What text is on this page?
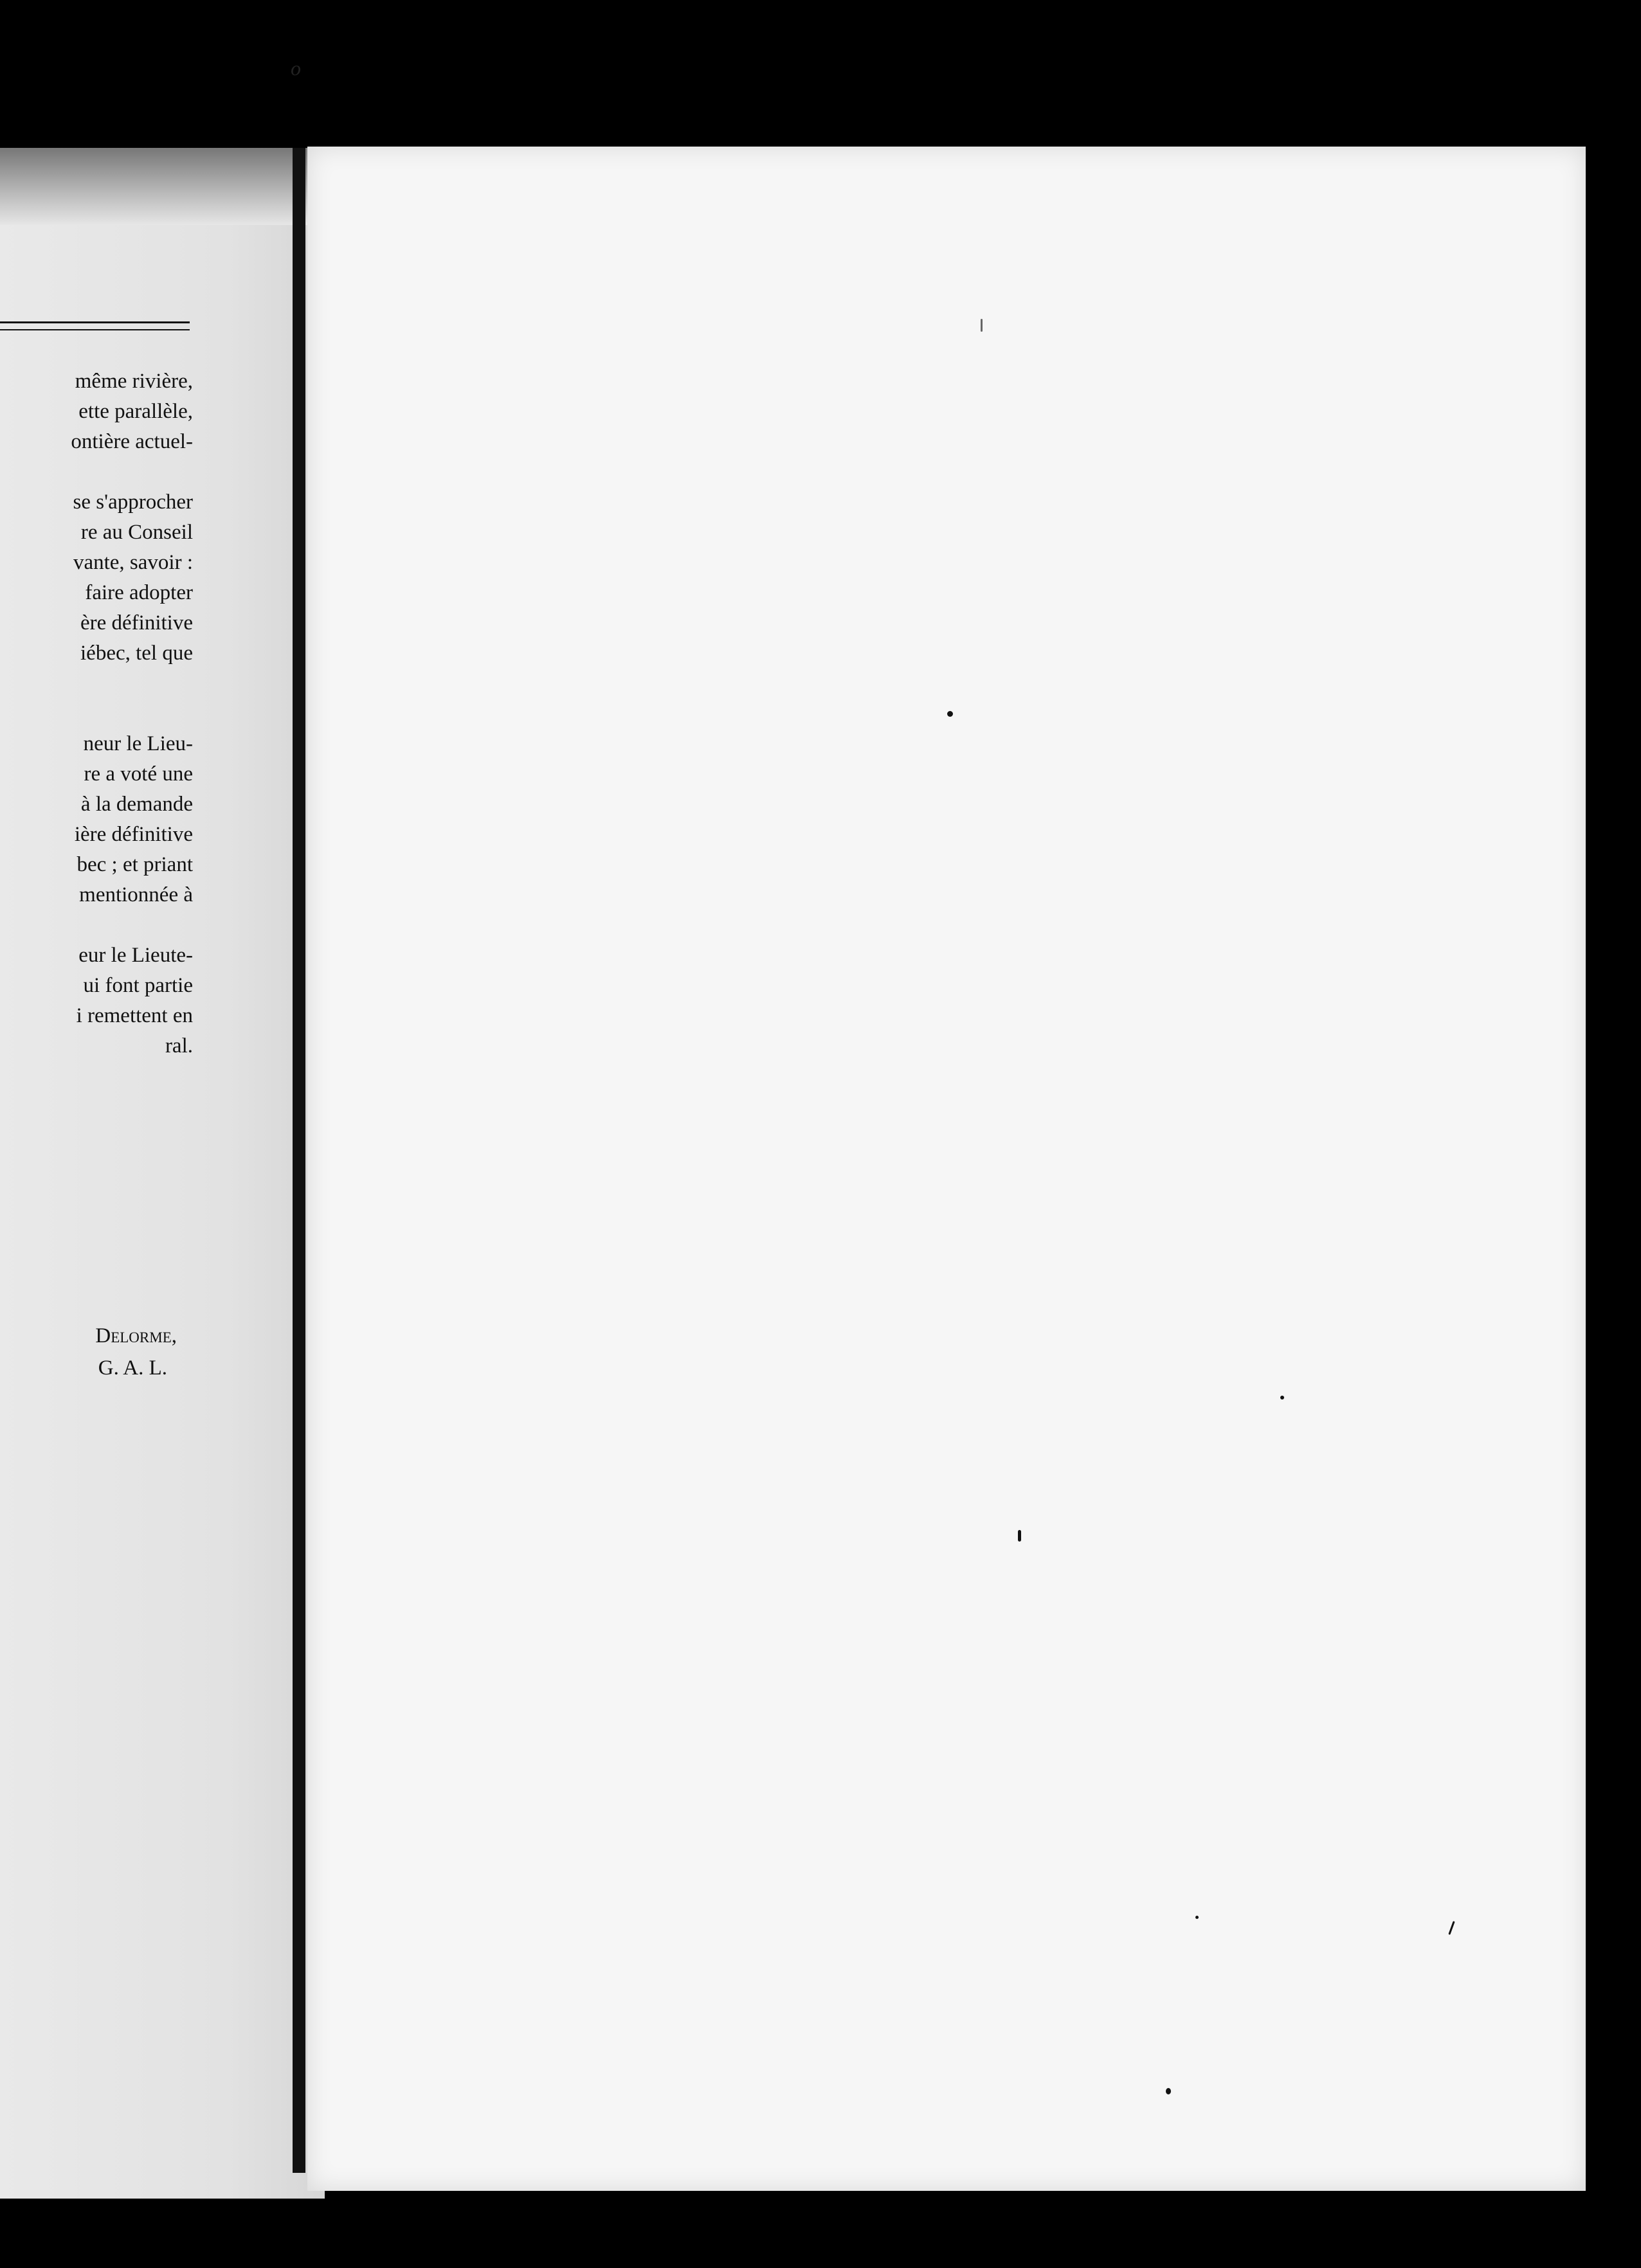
o
même rivière,
ette parallèle,
ontière actuel-
se s'approcher
re au Conseil
vante, savoir :
faire adopter
ère définitive
iébec, tel que
neur le Lieu-
re a voté une
à la demande
ière définitive
bec ; et priant
mentionnée à
eur le Lieute-
ui font partie
i remettent en
ral.
Delorme,
G. A. L.
